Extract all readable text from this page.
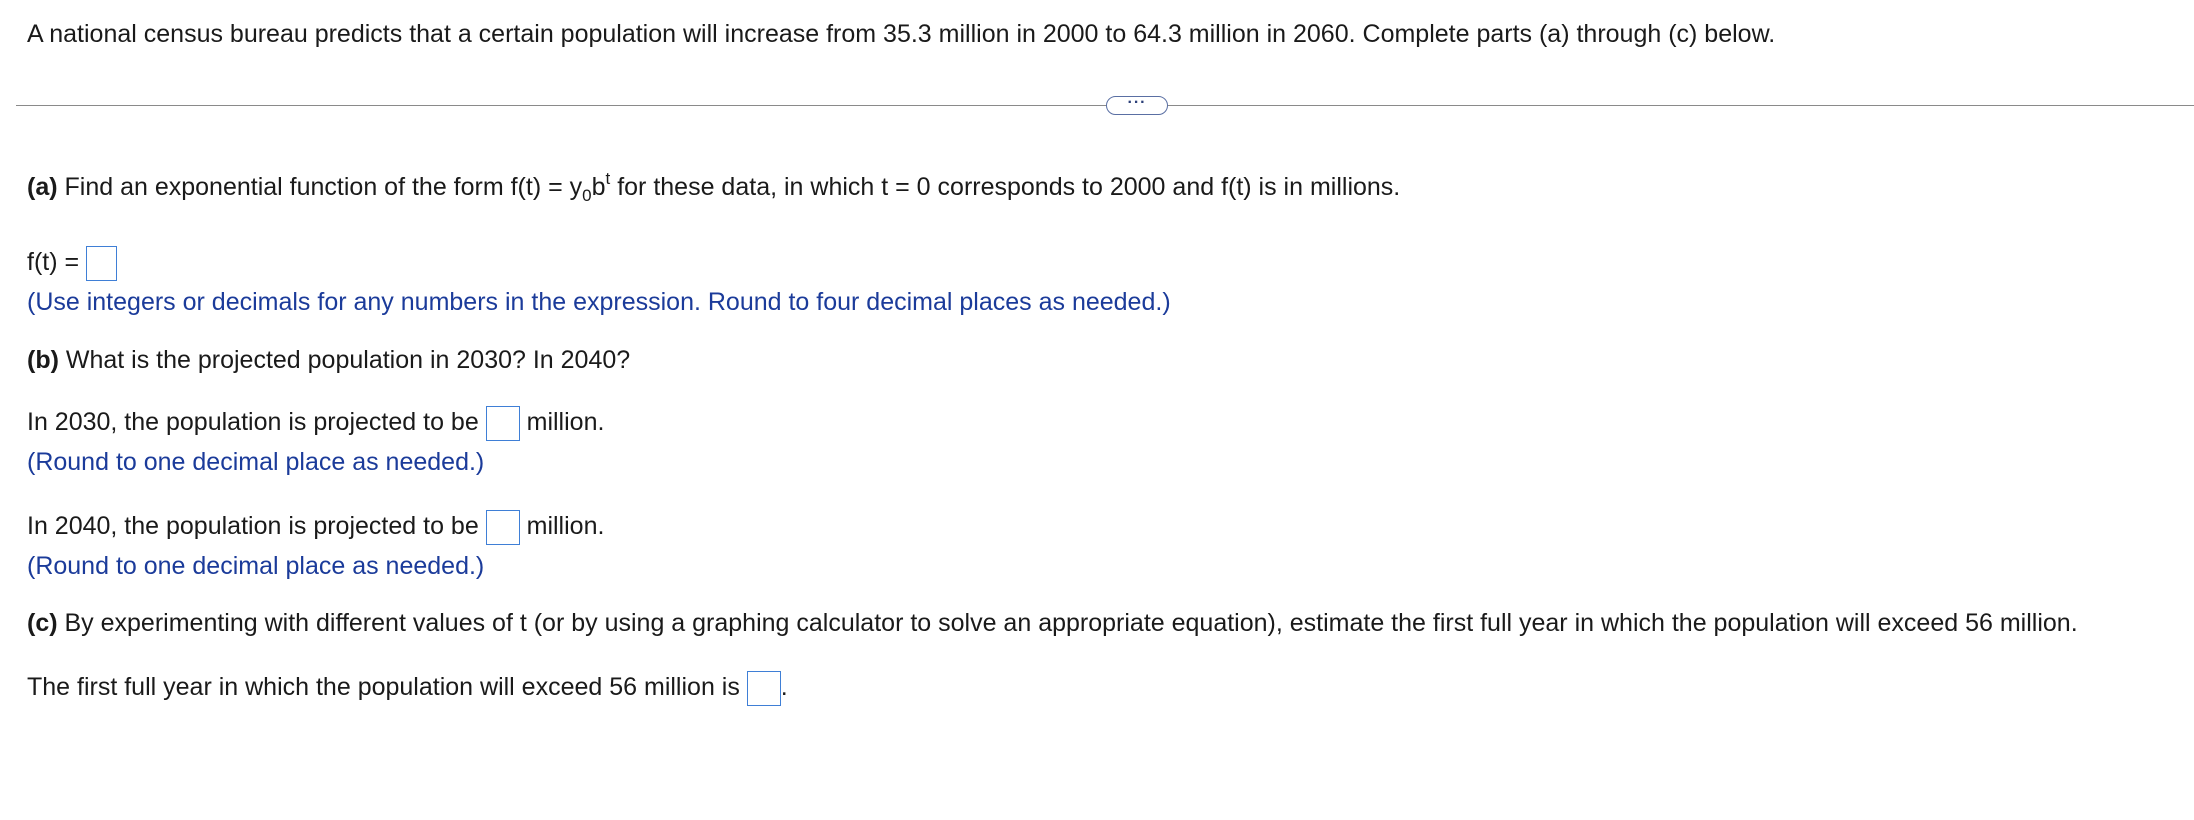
A national census bureau predicts that a certain population will increase from 35.3 million in 2000 to 64.3 million in 2060. Complete parts (a) through (c) below.
···
(a) Find an exponential function of the form $f(t) = y_0b^t$ for these data, in which t = 0 corresponds to 2000 and f(t) is in millions.
f(t) =
(Use integers or decimals for any numbers in the expression. Round to four decimal places as needed.)
(b) What is the projected population in 2030? In 2040?
In 2030, the population is projected to be  million.
(Round to one decimal place as needed.)
In 2040, the population is projected to be  million.
(Round to one decimal place as needed.)
(c) By experimenting with different values of t (or by using a graphing calculator to solve an appropriate equation), estimate the first full year in which the population will exceed 56 million.
The first full year in which the population will exceed 56 million is .
